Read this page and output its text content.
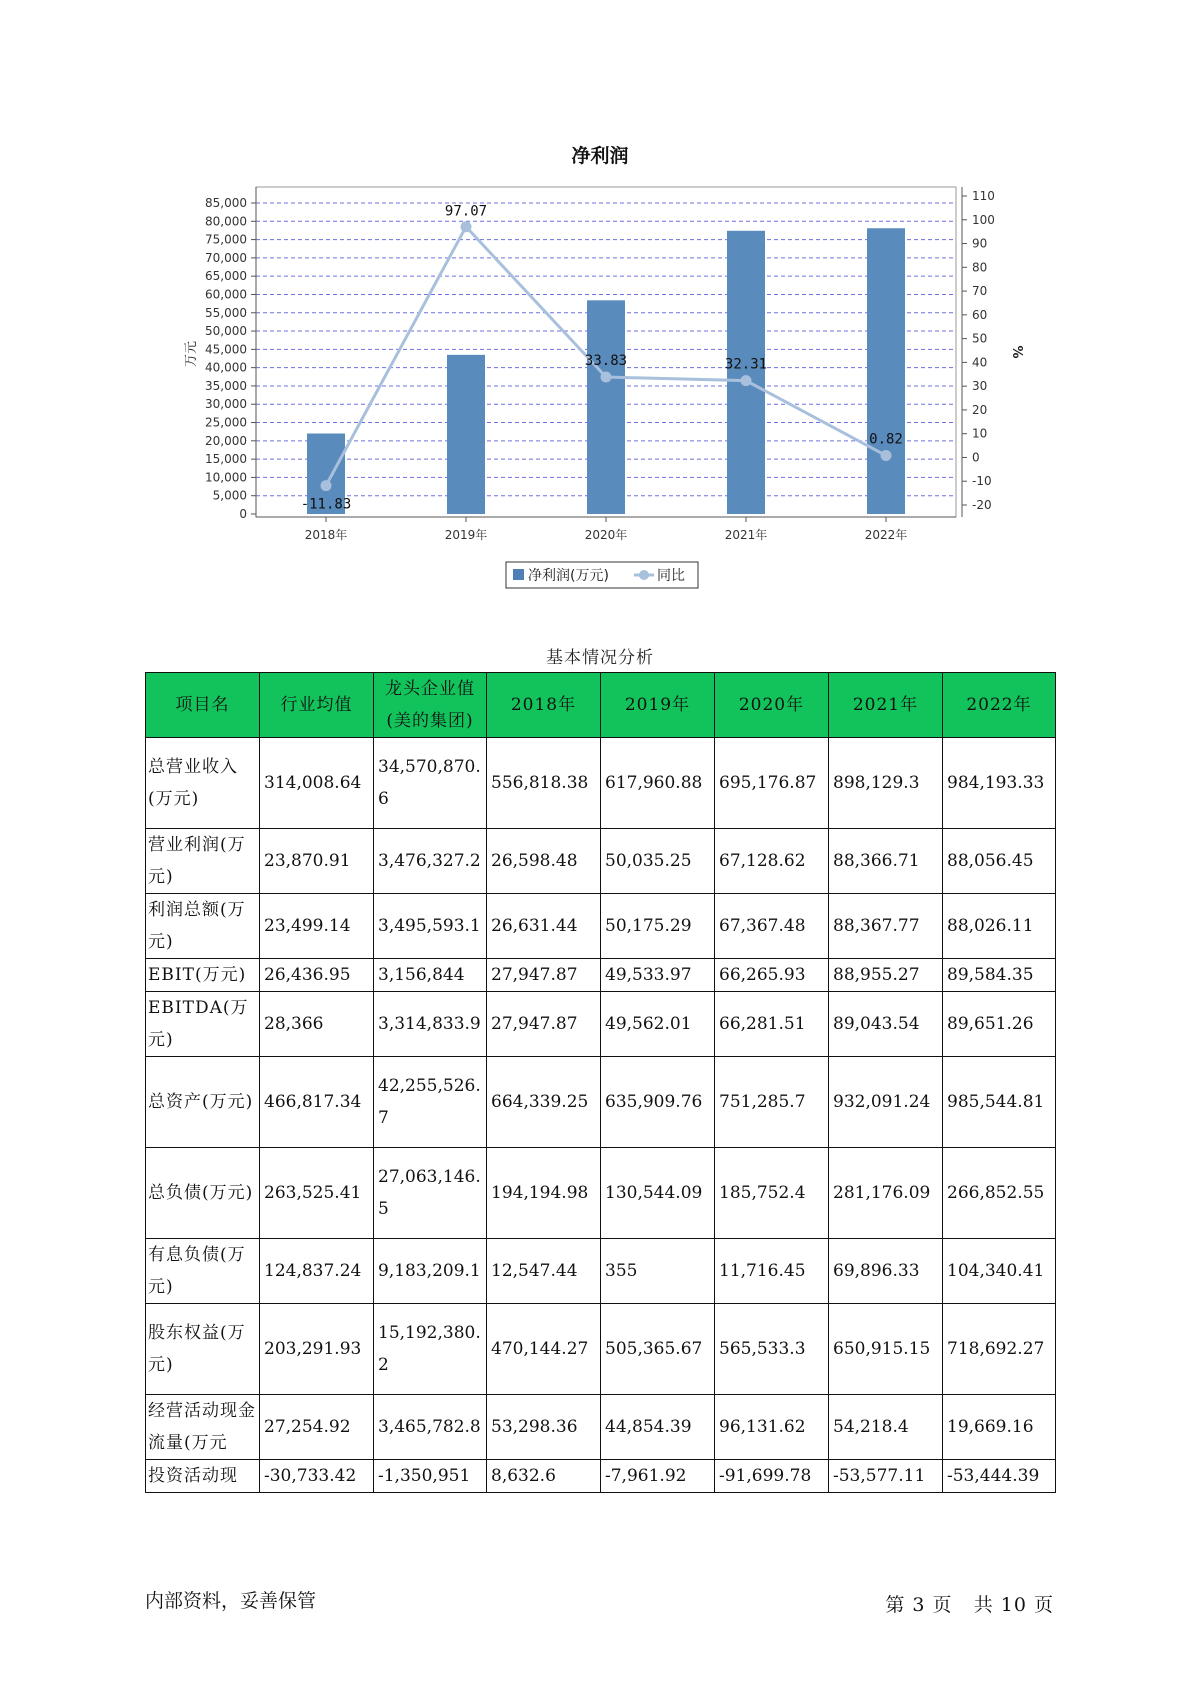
净利润
0
5,000
10,000
15,000
20,000
25,000
30,000
35,000
40,000
45,000
50,000
55,000
60,000
65,000
70,000
75,000
80,000
85,000
-20
-10
0
10
20
30
40
50
60
70
80
90
100
110
万元	%
2018年	2019年	2020年	2021年	2022年
-11.83
97.07
33.83	32.31
0.82
净利润(万元)	同比
基本情况分析
项目名	行业均值	龙头企业值(美的集团)	2018年	2019年	2020年	2021年	2022年
总营业收入(万元)	314,008.64	34,570,870.6	556,818.38	617,960.88	695,176.87	898,129.3	984,193.33
营业利润(万元)	23,870.91	3,476,327.2	26,598.48	50,035.25	67,128.62	88,366.71	88,056.45
利润总额(万元)	23,499.14	3,495,593.1	26,631.44	50,175.29	67,367.48	88,367.77	88,026.11
EBIT(万元)	26,436.95	3,156,844	27,947.87	49,533.97	66,265.93	88,955.27	89,584.35
EBITDA(万元)	28,366	3,314,833.9	27,947.87	49,562.01	66,281.51	89,043.54	89,651.26
总资产(万元)	466,817.34	42,255,526.7	664,339.25	635,909.76	751,285.7	932,091.24	985,544.81
总负债(万元)	263,525.41	27,063,146.5	194,194.98	130,544.09	185,752.4	281,176.09	266,852.55
有息负债(万元)	124,837.24	9,183,209.1	12,547.44	355	11,716.45	69,896.33	104,340.41
股东权益(万元)	203,291.93	15,192,380.2	470,144.27	505,365.67	565,533.3	650,915.15	718,692.27
经营活动现金流量(万元	27,254.92	3,465,782.8	53,298.36	44,854.39	96,131.62	54,218.4	19,669.16
投资活动现	-30,733.42	-1,350,951	8,632.6	-7,961.92	-91,699.78	-53,577.11	-53,444.39
内部资料，妥善保管	第 3 页 共 10 页
